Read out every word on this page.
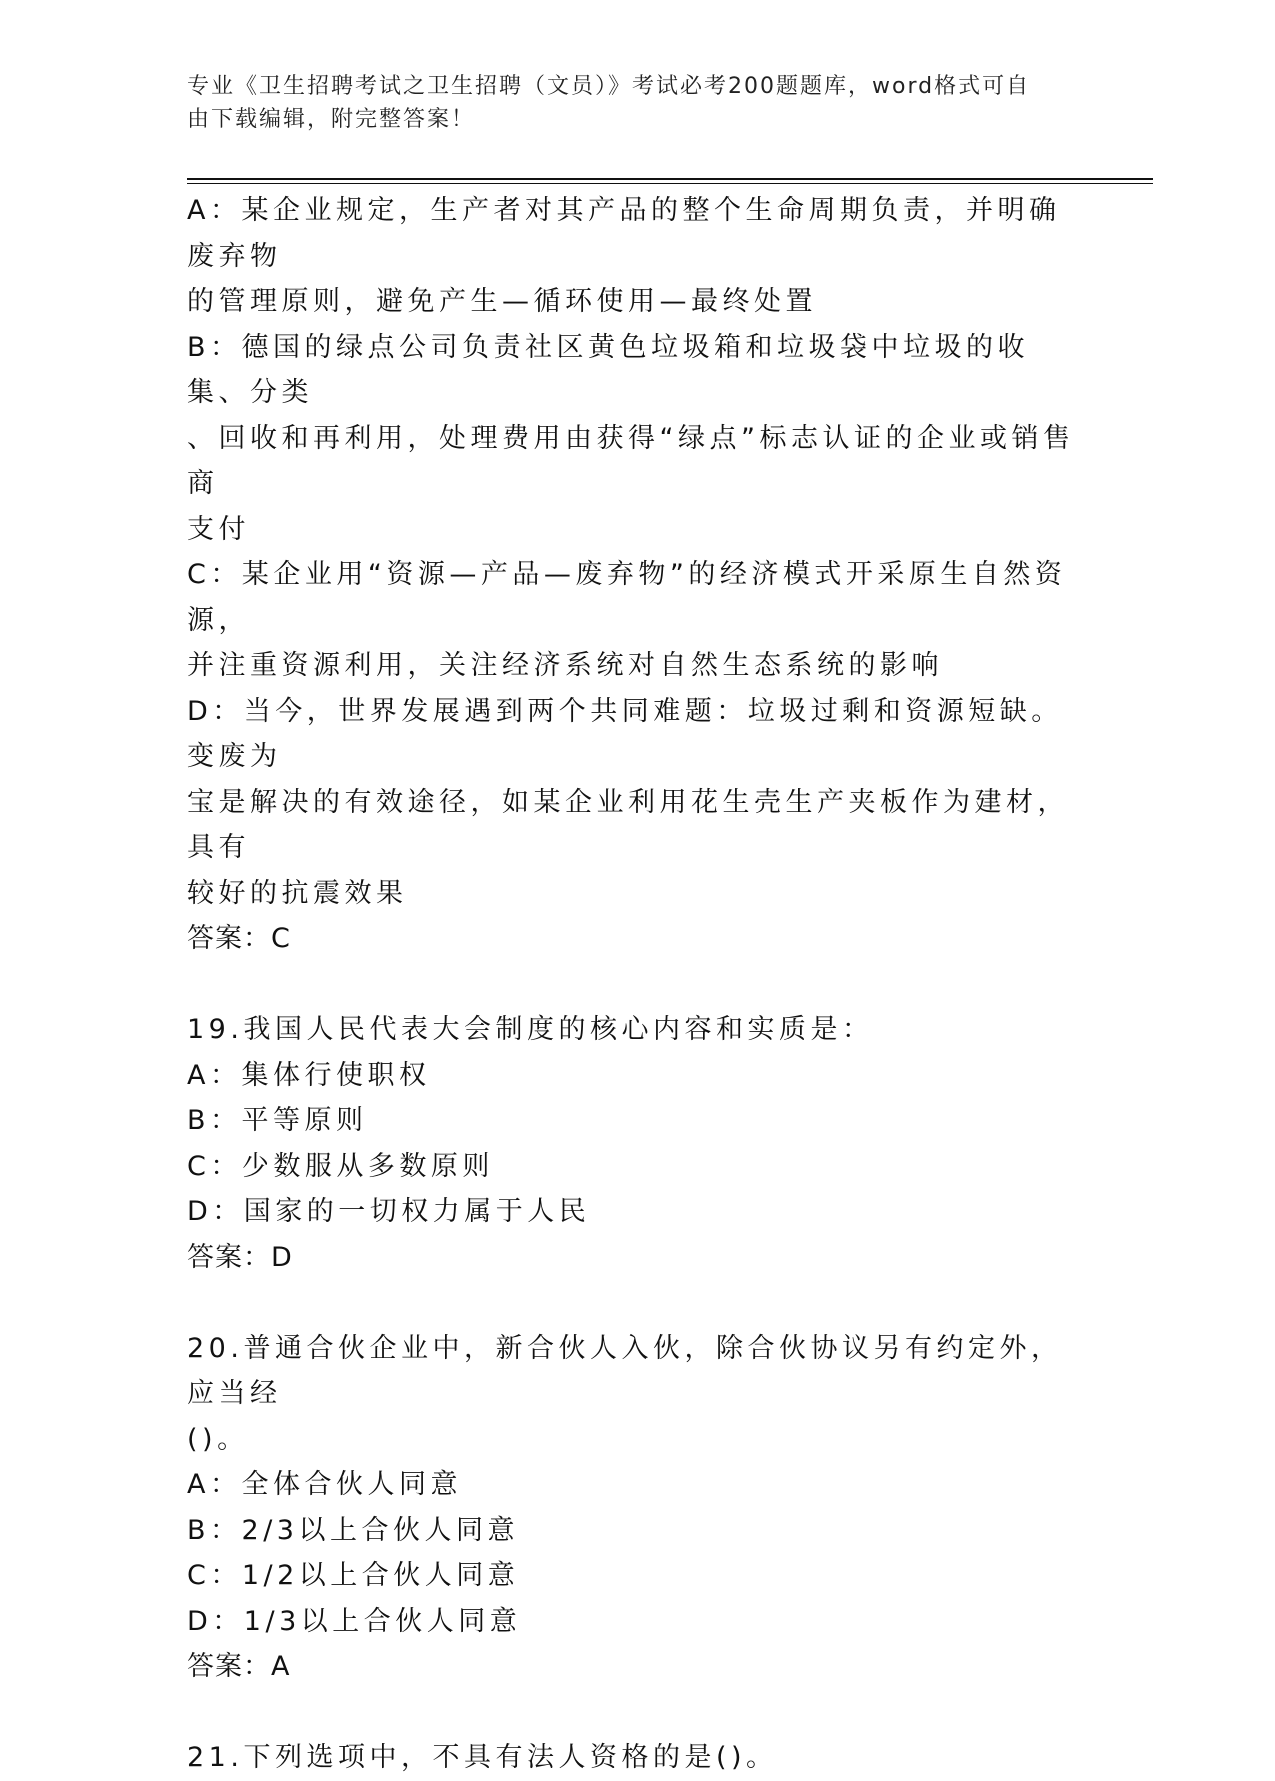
专业《卫生招聘考试之卫生招聘（文员）》考试必考200题题库，word格式可自
由下载编辑，附完整答案！
A：某企业规定，生产者对其产品的整个生命周期负责，并明确废弃物
的管理原则，避免产生—循环使用—最终处置
B：德国的绿点公司负责社区黄色垃圾箱和垃圾袋中垃圾的收集、分类
、回收和再利用，处理费用由获得“绿点”标志认证的企业或销售商
支付
C：某企业用“资源—产品—废弃物”的经济模式开采原生自然资源，
并注重资源利用，关注经济系统对自然生态系统的影响
D：当今，世界发展遇到两个共同难题：垃圾过剩和资源短缺。变废为
宝是解决的有效途径，如某企业利用花生壳生产夹板作为建材，具有
较好的抗震效果
答案：C
19.我国人民代表大会制度的核心内容和实质是：
A：集体行使职权
B：平等原则
C：少数服从多数原则
D：国家的一切权力属于人民
答案：D
20.普通合伙企业中，新合伙人入伙，除合伙协议另有约定外，应当经
()。
A：全体合伙人同意
B：2/3以上合伙人同意
C：1/2以上合伙人同意
D：1/3以上合伙人同意
答案：A
21.下列选项中，不具有法人资格的是()。
